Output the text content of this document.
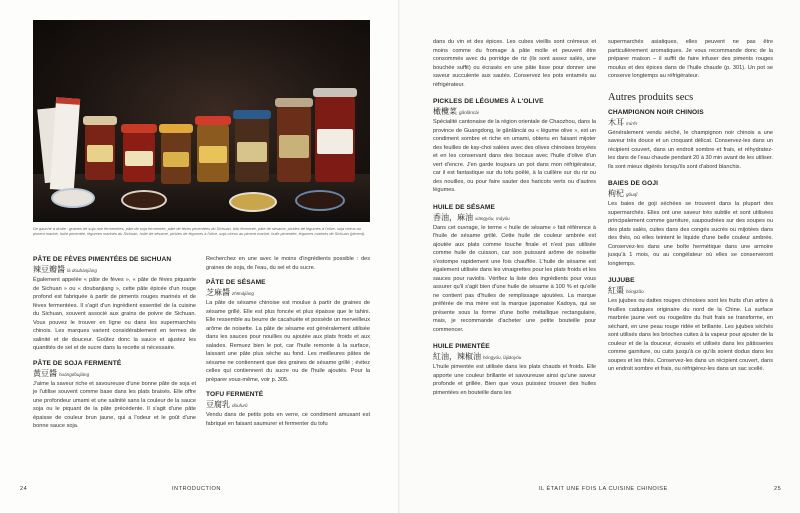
De gauche à droite : graines de soja noir fermentées, pâte de soja fermentée, pâte de fèves pimentées du Sichuan, tofu fermenté, pâte de sésame, pickles de légumes à l'olive, soja cireux au piment mariné, huile pimentée, légumes marinés du Sichuan, huile de sésame, pickles de légumes à l'olive, soja cireux au piment mariné, huile pimentée, légumes marinés de Sichuan (piment).
PÂTE DE FÈVES PIMENTÉES DE SICHUAN
辣豆瓣醬 là doubànjiàng

Également appelée « pâte de fèves », « pâte de fèves piquante de Sichuan » ou « doubanjiang », cette pâte épicée d'un rouge profond est fabriquée à partir de piments rouges marinés et de fèves fermentées. Il s'agit d'un ingrédient essentiel de la cuisine du Sichuan, souvent associé aux grains de poivre de Sichuan. Vous pouvez le trouver en ligne ou dans les supermarchés chinois. Les marques varient considérablement en termes de salinité et de douceur. Goûtez donc la sauce et ajustez les quantités de sel et de sucre dans la recette si nécessaire.

PÂTE DE SOJA FERMENTÉ
黃豆醬 huángdòujiàng

J'aime la saveur riche et savoureuse d'une bonne pâte de soja et je l'utilise souvent comme base dans les plats braisés. Elle offre une profondeur umami et une salinité sans la couleur de la sauce soja ou le piquant de la pâte précédente. Il s'agit d'une pâte épaisse de couleur brun jaune, qui a l'odeur et le goût d'une bonne sauce soja.

Recherchez en une avec le moins d'ingrédients possible : des graines de soja, de l'eau, du sel et du sucre.

PÂTE DE SÉSAME
芝麻醬 zhīmájiàng

La pâte de sésame chinoise est moulue à partir de graines de sésame grillé. Elle est plus foncée et plus épaisse que le tahini. Elle ressemble au beurre de cacahuète et possède un merveilleux arôme de noisette. La pâte de sésame est généralement utilisée dans les sauces pour nouilles ou ajoutée aux plats froids et aux salades. Remuez bien le pot, car l'huile remonte à la surface, laissant une pâte plus sèche au fond. Les meilleures pâtes de sésame ne contiennent que des graines de sésame grillé ; évitez celles qui contiennent du sucre ou de l'huile ajoutés. Pour la préparer vous-même, voir p. 305.

TOFU FERMENTÉ
豆腐乳 dòufurǔ

Vendu dans de petits pots en verre, ce condiment amusant est fabriqué en faisant saumurer et fermenter du tofu

24	INTRODUCTION

dans du vin et des épices. Les cubes vieillis sont crémeux et moins comme du fromage à pâte molle et peuvent être consommés avec du porridge de riz (ils sont assez salés, une bouchée suffit) ou écrasés en une pâte lisse pour donner une saveur succulente aux sautés. Conservez les pots entamés au réfrigérateur.

PICKLES DE LÉGUMES À L'OLIVE
橄欖菜 gǎnlǎncài

Spécialité cantonaise de la région orientale de Chaozhou, dans la province de Guangdong, le gǎnlǎncài ou « légume olive », est un condiment sombre et riche en umami, obtenu en faisant mijoter des feuilles de kay-choi salées avec des olives chinoises broyées et en les conservant dans des bocaux avec l'huile d'olive d'un vert d'encre. J'en garde toujours un pot dans mon réfrigérateur, car il est fantastique sur du tofu poêlé, à la cuillère sur du riz ou des nouilles, ou pour faire sauter des haricots verts ou d'autres légumes.

HUILE DE SÉSAME
香油，麻油 xiāngyóu, máyóu

Dans cet ouvrage, le terme « huile de sésame » fait référence à l'huile de sésame grillé. Cette huile de couleur ambrée est ajoutée aux plats comme touche finale et n'est pas utilisée comme huile de cuisson, car son puissant arôme de noisette s'estompe rapidement une fois chauffée. L'huile de sésame est également utilisée dans les vinaigrettes pour les plats froids et les sauces pour raviolis. Vérifiez la liste des ingrédients pour vous assurer qu'il s'agit bien d'une huile de sésame à 100 % et qu'elle ne contient pas d'huiles de remplissage ajoutées. La marque préférée de ma mère est la marque japonaise Kadoya, qui se présente sous la forme d'une boîte métallique rectangulaire, mais, je recommande d'acheter une petite bouteille pour commencer.

HUILE PIMENTÉE
紅油，辣椒油 hóngyóu, làjiāoyóu

L'huile pimentée est utilisée dans les plats chauds et froids. Elle apporte une couleur brillante et savoureuse ainsi qu'une saveur profonde et grillée. Bien que vous puissiez trouver des huiles pimentées en bouteille dans les

supermarchés asiatiques, elles peuvent ne pas être particulièrement aromatiques. Je vous recommande donc de la préparer maison – il suffit de faire infuser des piments rouges moulus et des épices dans de l'huile chaude (p. 301). Un pot se conserve longtemps au réfrigérateur.

Autres produits secs
CHAMPIGNON NOIR CHINOIS
木耳 mù'ěr

Généralement vendu séché, le champignon noir chinois a une saveur très douce et un croquant délicat. Conservez-les dans un récipient couvert, dans un endroit sombre et frais, et réhydratez-les dans de l'eau chaude pendant 20 à 30 min avant de les utiliser. Ils sont mieux digérés lorsqu'ils sont d'abord blanchis.

BAIES DE GOJI
枸杞 gǒuqǐ

Les baies de goji séchées se trouvent dans la plupart des supermarchés. Elles ont une saveur très subtile et sont utilisées principalement comme garniture, saupoudrées sur des soupes ou des plats salés, cuites dans des congés sucrés ou mijotées dans des thés, où elles teintent le liquide d'une belle couleur ambrée. Conservez-les dans une boîte hermétique dans une armoire jusqu'à 1 mois, ou au congélateur où elles se conserveront longtemps.

JUJUBE
紅棗 hóngzǎo

Les jujubes ou dattes rouges chinoises sont les fruits d'un arbre à feuilles caduques originaire du nord de la Chine. La surface marbrée jaune vert ou rougeâtre du fruit frais se transforme, en séchant, en une peau rouge ridée et brillante. Les jujubes séchés sont utilisés dans les brioches cuites à la vapeur pour ajouter de la couleur et de la douceur, écrasés et utilisés dans les pâtisseries comme garniture, ou cuits jusqu'à ce qu'ils soient dodus dans les soupes et les thés. Conservez-les dans un récipient couvert, dans un endroit sombre et frais, ou réfrigérez-les dans un sac scellé.

IL ÉTAIT UNE FOIS LA CUISINE CHINOISE	25
